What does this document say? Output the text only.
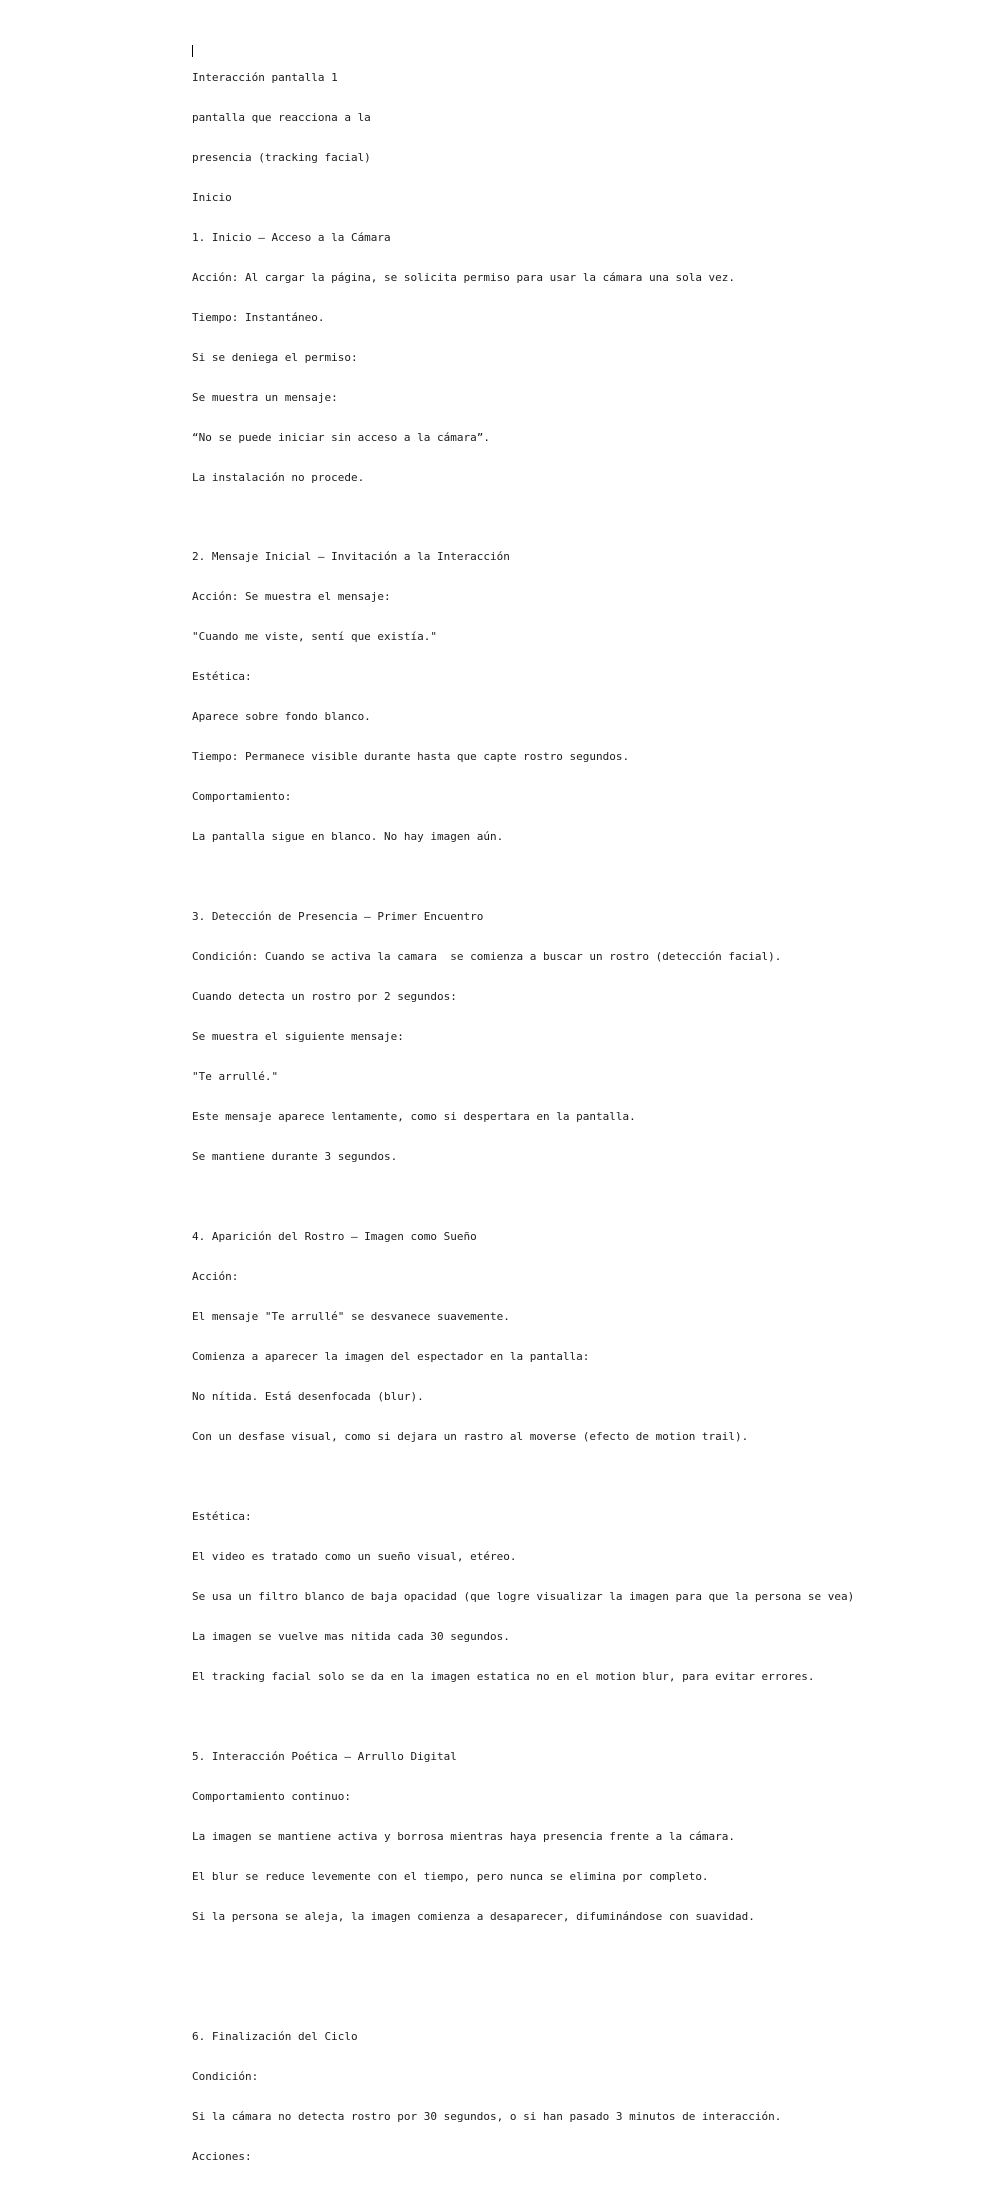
Interacción pantalla 1

pantalla que reacciona a la

presencia (tracking facial)

Inicio

1. Inicio – Acceso a la Cámara

Acción: Al cargar la página, se solicita permiso para usar la cámara una sola vez.

Tiempo: Instantáneo.

Si se deniega el permiso:

Se muestra un mensaje:

“No se puede iniciar sin acceso a la cámara”.

La instalación no procede.

2. Mensaje Inicial – Invitación a la Interacción

Acción: Se muestra el mensaje:

"Cuando me viste, sentí que existía."

Estética:

Aparece sobre fondo blanco.

Tiempo: Permanece visible durante hasta que capte rostro segundos.

Comportamiento:

La pantalla sigue en blanco. No hay imagen aún.

3. Detección de Presencia – Primer Encuentro

Condición: Cuando se activa la camara  se comienza a buscar un rostro (detección facial).

Cuando detecta un rostro por 2 segundos:

Se muestra el siguiente mensaje:

"Te arrullé."

Este mensaje aparece lentamente, como si despertara en la pantalla.

Se mantiene durante 3 segundos.

4. Aparición del Rostro – Imagen como Sueño

Acción:

El mensaje "Te arrullé" se desvanece suavemente.

Comienza a aparecer la imagen del espectador en la pantalla:

No nítida. Está desenfocada (blur).

Con un desfase visual, como si dejara un rastro al moverse (efecto de motion trail).

Estética:

El video es tratado como un sueño visual, etéreo.

Se usa un filtro blanco de baja opacidad (que logre visualizar la imagen para que la persona se vea)

La imagen se vuelve mas nitida cada 30 segundos.

El tracking facial solo se da en la imagen estatica no en el motion blur, para evitar errores.

5. Interacción Poética – Arrullo Digital

Comportamiento continuo:

La imagen se mantiene activa y borrosa mientras haya presencia frente a la cámara.

El blur se reduce levemente con el tiempo, pero nunca se elimina por completo.

Si la persona se aleja, la imagen comienza a desaparecer, difuminándose con suavidad.

6. Finalización del Ciclo

Condición:

Si la cámara no detecta rostro por 30 segundos, o si han pasado 3 minutos de interacción.

Acciones:
